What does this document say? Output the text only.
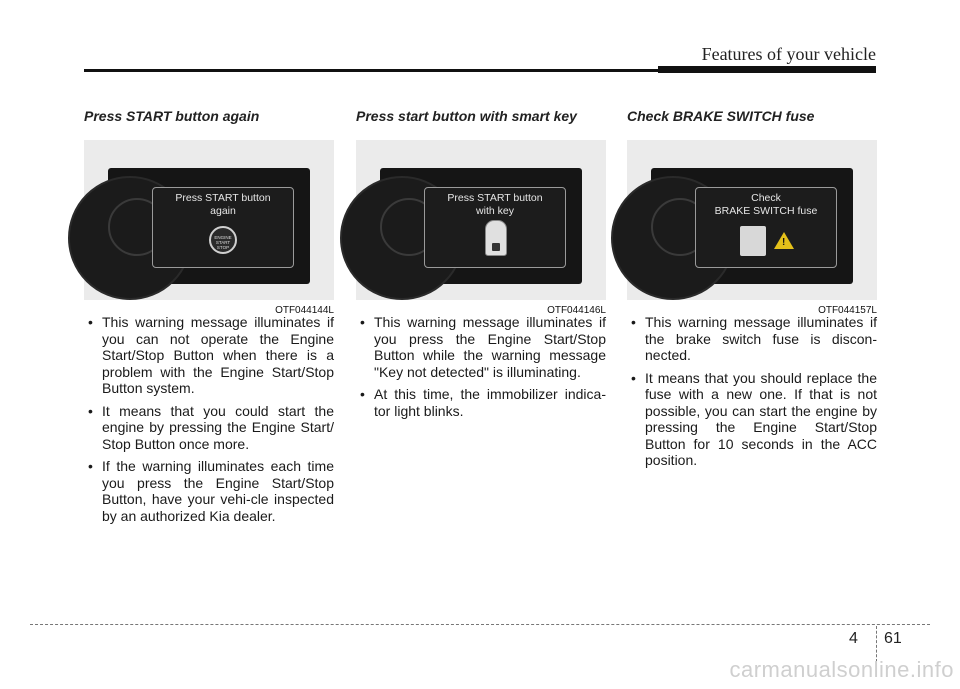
Features of your vehicle
Press START button again
Press START button
again
ENGINE START STOP
OTF044144L
• This warning message illuminates if you can not operate the Engine Start/Stop Button when there is a problem with the Engine Start/Stop Button system.
• It means that you could start the engine by pressing the Engine Start/ Stop Button once more.
• If the warning illuminates each time you press the Engine Start/Stop Button, have your vehi-cle inspected by an authorized Kia dealer.
Press start button with smart key
Press START button
with key
OTF044146L
• This warning message illuminates if you press the Engine Start/Stop Button while the warning message "Key not detected" is illuminating.
• At this time, the immobilizer indica-tor light blinks.
Check BRAKE SWITCH fuse
Check
BRAKE SWITCH fuse
!
OTF044157L
• This warning message illuminates if the brake switch fuse is discon-nected.
• It means that you should replace the fuse with a new one. If that is not possible, you can start the engine by pressing the Engine Start/Stop Button for 10 seconds in the ACC position.
4 61
carmanualsonline.info
